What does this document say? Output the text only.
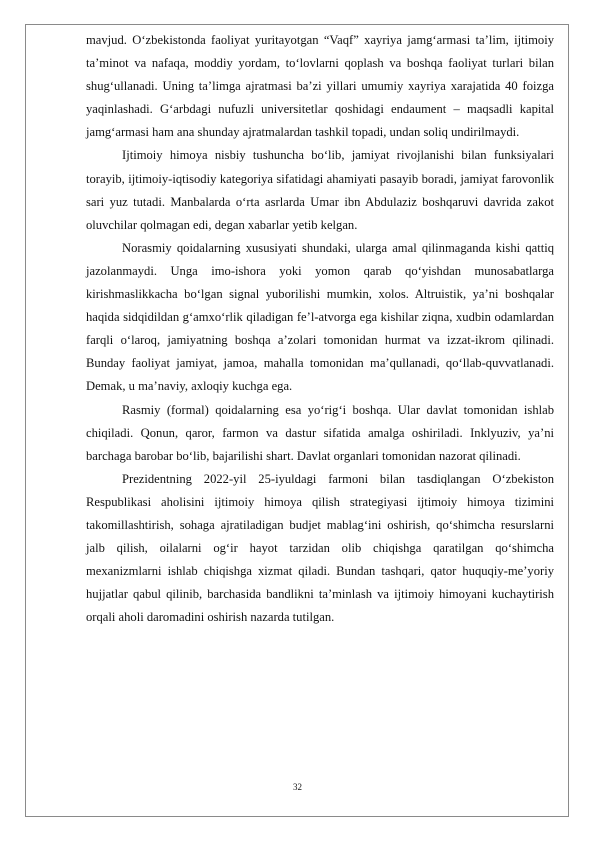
mavjud. O‘zbekistonda faoliyat yuritayotgan “Vaqf” xayriya jamg‘armasi ta’lim, ijtimoiy ta’minot va nafaqa, moddiy yordam, to‘lovlarni qoplash va boshqa faoliyat turlari bilan shug‘ullanadi. Uning ta’limga ajratmasi ba’zi yillari umumiy xayriya xarajatida 40 foizga yaqinlashadi. G‘arbdagi nufuzli universitetlar qoshidagi endaument – maqsadli kapital jamg‘armasi ham ana shunday ajratmalardan tashkil topadi, undan soliq undirilmaydi.

Ijtimoiy himoya nisbiy tushuncha bo‘lib, jamiyat rivojlanishi bilan funksiyalari torayib, ijtimoiy-iqtisodiy kategoriya sifatidagi ahamiyati pasayib boradi, jamiyat farovonlik sari yuz tutadi. Manbalarda o‘rta asrlarda Umar ibn Abdulaziz boshqaruvi davrida zakot oluvchilar qolmagan edi, degan xabarlar yetib kelgan.

Norasmiy qoidalarning xususiyati shundaki, ularga amal qilinmaganda kishi qattiq jazolanmaydi. Unga imo-ishora yoki yomon qarab qo‘yishdan munosabatlarga kirishmaslikkacha bo‘lgan signal yuborilishi mumkin, xolos. Altruistik, ya’ni boshqalar haqida sidqidildan g‘amxo‘rlik qiladigan fe’l-atvorga ega kishilar ziqna, xudbin odamlardan farqli o‘laroq, jamiyatning boshqa a’zolari tomonidan hurmat va izzat-ikrom qilinadi. Bunday faoliyat jamiyat, jamoa, mahalla tomonidan ma’qullanadi, qo‘llab-quvvatlanadi. Demak, u ma’naviy, axloqiy kuchga ega.

Rasmiy (formal) qoidalarning esa yo‘rig‘i boshqa. Ular davlat tomonidan ishlab chiqiladi. Qonun, qaror, farmon va dastur sifatida amalga oshiriladi. Inklyuziv, ya’ni barchaga barobar bo‘lib, bajarilishi shart. Davlat organlari tomonidan nazorat qilinadi.

Prezidentning 2022-yil 25-iyuldagi farmoni bilan tasdiqlangan O‘zbekiston Respublikasi aholisini ijtimoiy himoya qilish strategiyasi ijtimoiy himoya tizimini takomillashtirish, sohaga ajratiladigan budjet mablag‘ini oshirish, qo‘shimcha resurslarni jalb qilish, oilalarni og‘ir hayot tarzidan olib chiqishga qaratilgan qo‘shimcha mexanizmlarni ishlab chiqishga xizmat qiladi. Bundan tashqari, qator huquqiy-me’yoriy hujjatlar qabul qilinib, barchasida bandlikni ta’minlash va ijtimoiy himoyani kuchaytirish orqali aholi daromadini oshirish nazarda tutilgan.

32
